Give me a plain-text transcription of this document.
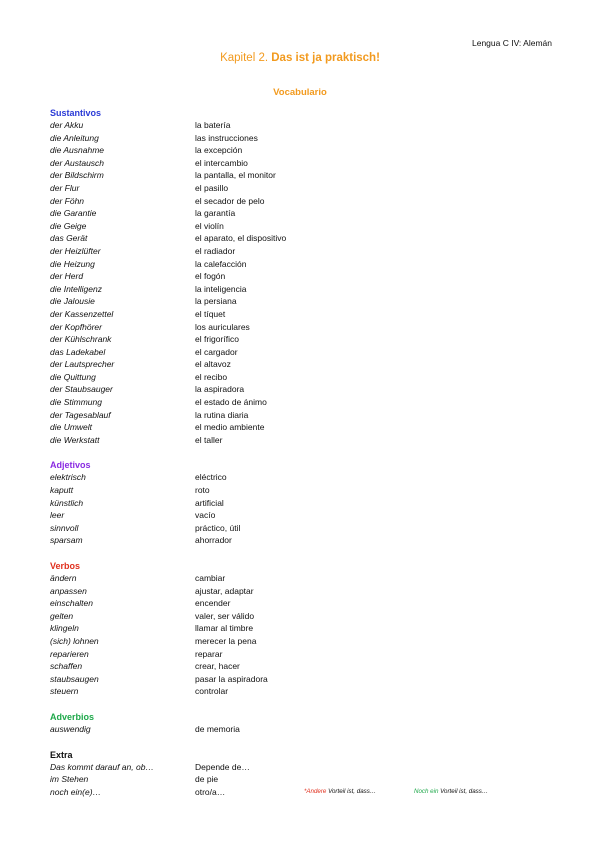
Lengua C IV: Alemán
Kapitel 2. Das ist ja praktisch!
Vocabulario
Sustantivos
der Akku	la batería
die Anleitung	las instrucciones
die Ausnahme	la excepción
der Austausch	el intercambio
der Bildschirm	la pantalla, el monitor
der Flur	el pasillo
der Föhn	el secador de pelo
die Garantie	la garantía
die Geige	el violín
das Gerät	el aparato, el dispositivo
der Heizlüfter	el radiador
die Heizung	la calefacción
der Herd	el fogón
die Intelligenz	la inteligencia
die Jalousie	la persiana
der Kassenzettel	el tíquet
der Kopfhörer	los auriculares
der Kühlschrank	el frigorífico
das Ladekabel	el cargador
der Lautsprecher	el altavoz
die Quittung	el recibo
der Staubsauger	la aspiradora
die Stimmung	el estado de ánimo
der Tagesablauf	la rutina diaria
die Umwelt	el medio ambiente
die Werkstatt	el taller
Adjetivos
elektrisch	eléctrico
kaputt	roto
künstlich	artificial
leer	vacío
sinnvoll	práctico, útil
sparsam	ahorrador
Verbos
ändern	cambiar
anpassen	ajustar, adaptar
einschalten	encender
gelten	valer, ser válido
klingeln	llamar al timbre
(sich) lohnen	merecer la pena
reparieren	reparar
schaffen	crear, hacer
staubsaugen	pasar la aspiradora
steuern	controlar
Adverbios
auswendig	de memoria
Extra
Das kommt darauf an, ob…	Depende de…
im Stehen	de pie
noch ein(e)…	otro/a…	*Andere Vorteil ist, dass…	Noch ein Vorteil ist, dass…
